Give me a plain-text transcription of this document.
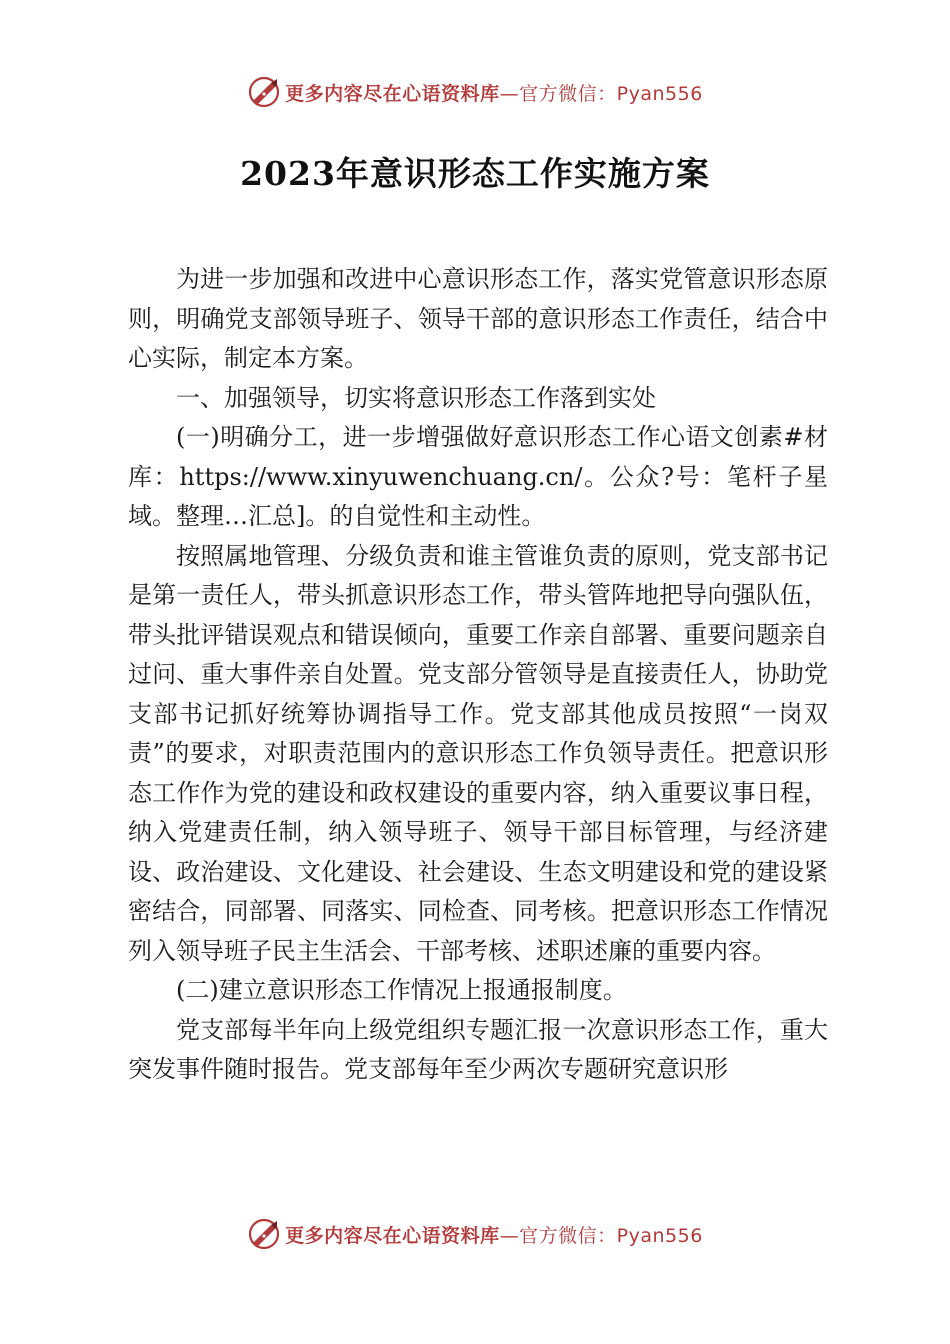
更多内容尽在心语资料库—官方微信：Pyan556
2023年意识形态工作实施方案

为进一步加强和改进中心意识形态工作，落实党管意识形态原则，明确党支部领导班子、领导干部的意识形态工作责任，结合中心实际，制定本方案。

一、加强领导，切实将意识形态工作落到实处

(一)明确分工，进一步增强做好意识形态工作心语文创素#材库：https://www.xinyuwenchuang.cn/。公众?号：笔杆子星域。整理…汇总]。的自觉性和主动性。

按照属地管理、分级负责和谁主管谁负责的原则，党支部书记是第一责任人，带头抓意识形态工作，带头管阵地把导向强队伍，带头批评错误观点和错误倾向，重要工作亲自部署、重要问题亲自过问、重大事件亲自处置。党支部分管领导是直接责任人，协助党支部书记抓好统筹协调指导工作。党支部其他成员按照“一岗双责”的要求，对职责范围内的意识形态工作负领导责任。把意识形态工作作为党的建设和政权建设的重要内容，纳入重要议事日程，纳入党建责任制，纳入领导班子、领导干部目标管理，与经济建设、政治建设、文化建设、社会建设、生态文明建设和党的建设紧密结合，同部署、同落实、同检查、同考核。把意识形态工作情况列入领导班子民主生活会、干部考核、述职述廉的重要内容。

(二)建立意识形态工作情况上报通报制度。

党支部每半年向上级党组织专题汇报一次意识形态工作，重大突发事件随时报告。党支部每年至少两次专题研究意识形

更多内容尽在心语资料库—官方微信：Pyan556
